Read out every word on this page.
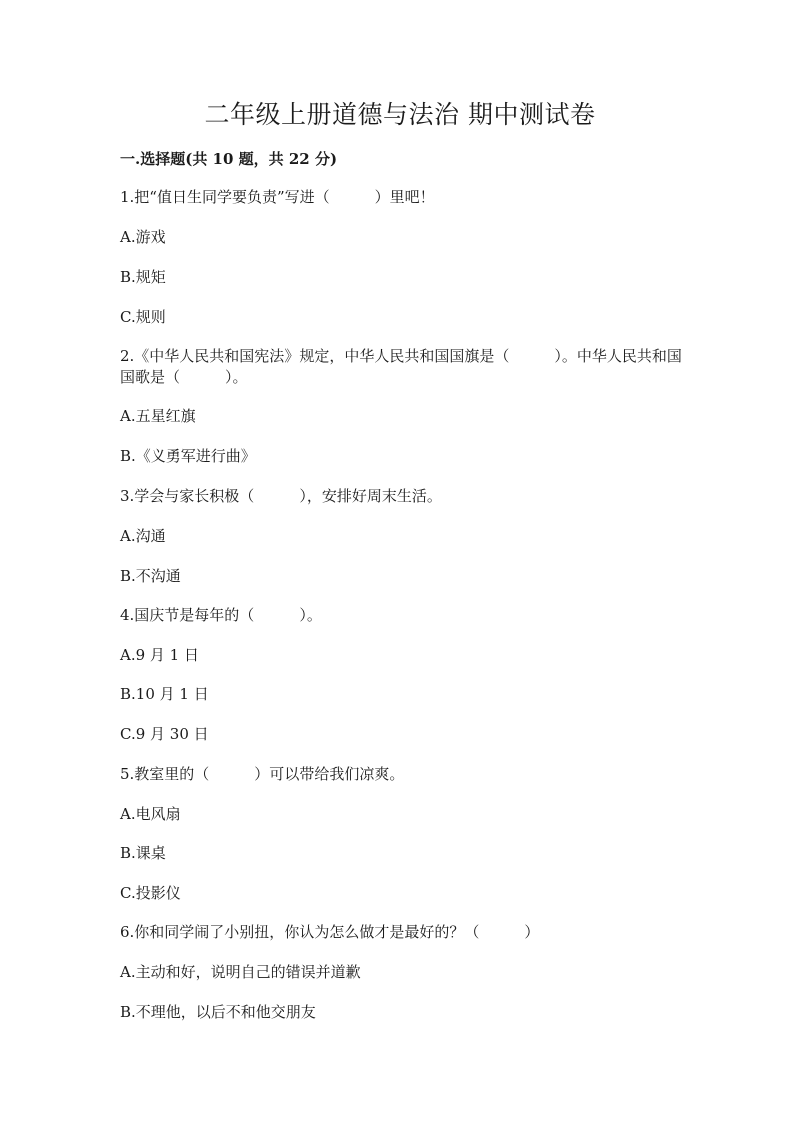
二年级上册道德与法治 期中测试卷

一.选择题(共 10 题，共 22 分)

1.把“值日生同学要负责”写进（　　　）里吧！

A.游戏

B.规矩

C.规则

2.《中华人民共和国宪法》规定，中华人民共和国国旗是（　　　）。中华人民共和国国歌是（　　　）。

A.五星红旗

B.《义勇军进行曲》

3.学会与家长积极（　　　），安排好周末生活。

A.沟通

B.不沟通

4.国庆节是每年的（　　　）。

A.9 月 1 日

B.10 月 1 日

C.9 月 30 日

5.教室里的（　　　）可以带给我们凉爽。

A.电风扇

B.课桌

C.投影仪

6.你和同学闹了小别扭，你认为怎么做才是最好的？（　　　）

A.主动和好，说明自己的错误并道歉

B.不理他，以后不和他交朋友
